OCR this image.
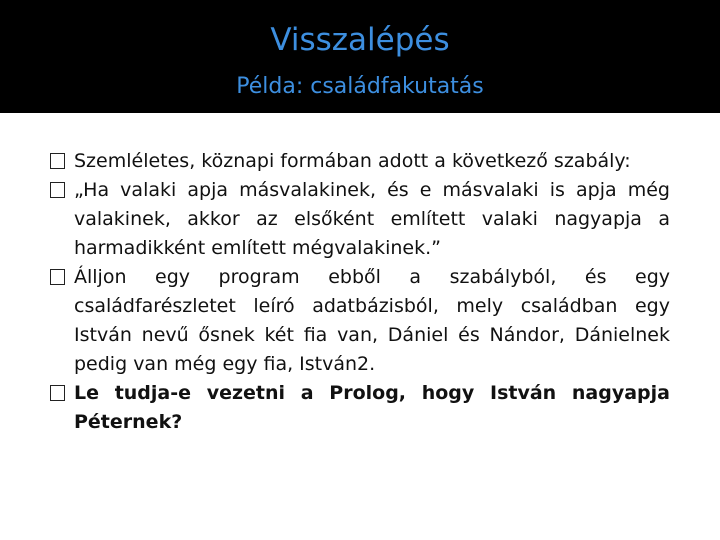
Visszalépés
Példa: családfakutatás
Szemléletes, köznapi formában adott a következő szabály:
„Ha valaki apja másvalakinek, és e másvalaki is apja még valakinek, akkor az elsőként említett valaki nagyapja a harmadikként említett mégvalakinek.”
Álljon egy program ebből a szabályból, és egy családfarészletet leíró adatbázisból, mely családban egy István nevű ősnek két fia van, Dániel és Nándor, Dánielnek pedig van még egy fia, István2.
Le tudja-e vezetni a Prolog, hogy István nagyapja Péternek?
